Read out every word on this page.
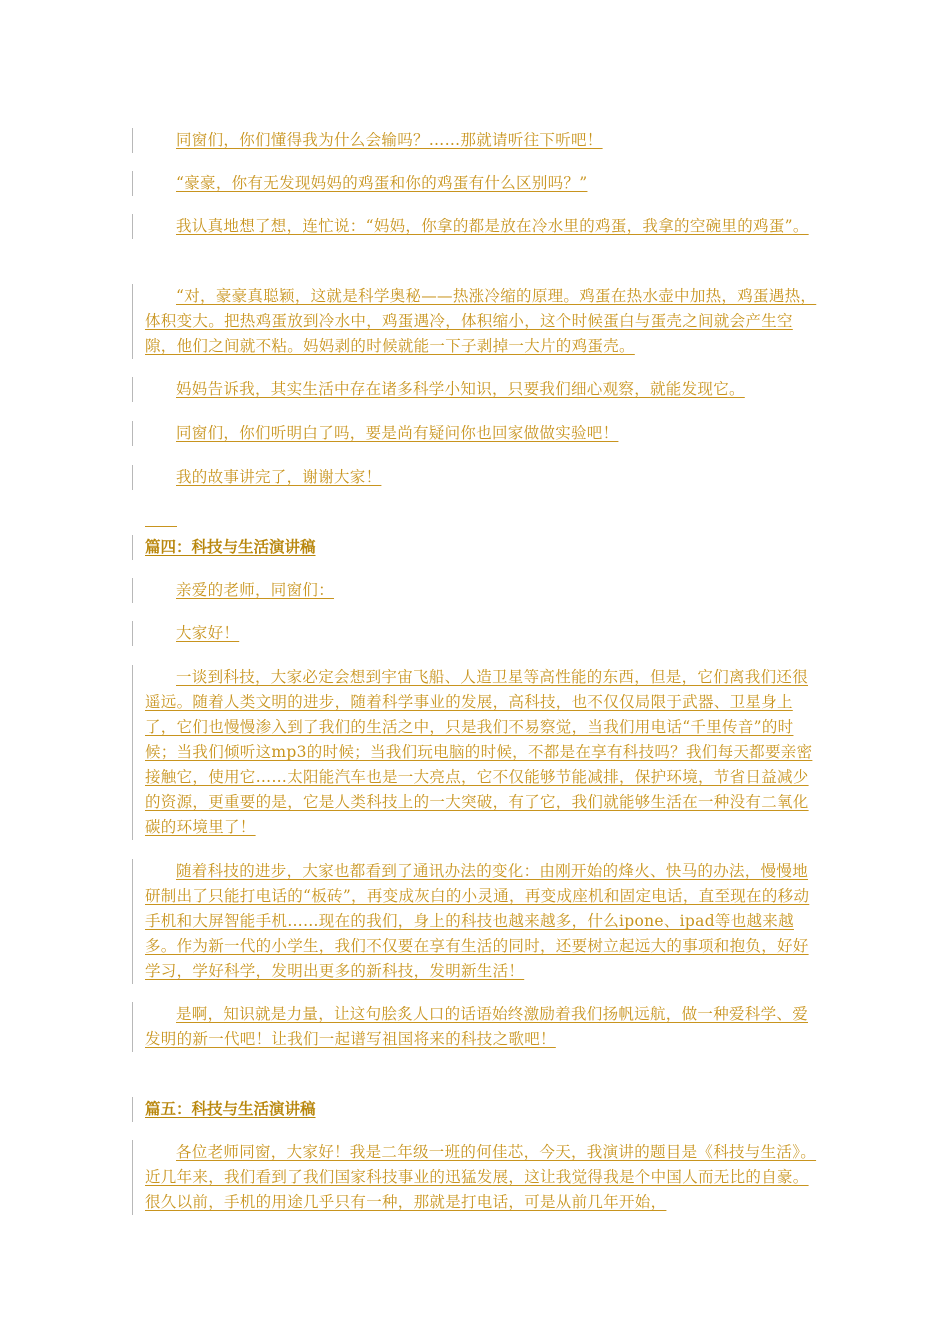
同窗们，你们懂得我为什么会输吗？……那就请听往下听吧！

“豪豪，你有无发现妈妈的鸡蛋和你的鸡蛋有什么区别吗？”

我认真地想了想，连忙说：“妈妈，你拿的都是放在冷水里的鸡蛋，我拿的空碗里的鸡蛋”。

“对，豪豪真聪颖，这就是科学奥秘——热涨冷缩的原理。鸡蛋在热水壶中加热，鸡蛋遇热，体积变大。把热鸡蛋放到冷水中，鸡蛋遇冷，体积缩小，这个时候蛋白与蛋壳之间就会产生空隙，他们之间就不粘。妈妈剥的时候就能一下子剥掉一大片的鸡蛋壳。

妈妈告诉我，其实生活中存在诸多科学小知识，只要我们细心观察，就能发现它。

同窗们，你们听明白了吗，要是尚有疑问你也回家做做实验吧！

我的故事讲完了，谢谢大家！

篇四：科技与生活演讲稿

亲爱的老师，同窗们：

大家好！

一谈到科技，大家必定会想到宇宙飞船、人造卫星等高性能的东西，但是，它们离我们还很遥远。随着人类文明的进步，随着科学事业的发展，高科技，也不仅仅局限于武器、卫星身上了，它们也慢慢渗入到了我们的生活之中，只是我们不易察觉，当我们用电话“千里传音”的时候；当我们倾听这mp3的时候；当我们玩电脑的时候，不都是在享有科技吗？我们每天都要亲密接触它，使用它……太阳能汽车也是一大亮点，它不仅能够节能减排，保护环境，节省日益减少的资源，更重要的是，它是人类科技上的一大突破，有了它，我们就能够生活在一种没有二氧化碳的环境里了！

随着科技的进步，大家也都看到了通讯办法的变化：由刚开始的烽火、快马的办法，慢慢地研制出了只能打电话的“板砖”，再变成灰白的小灵通，再变成座机和固定电话，直至现在的移动手机和大屏智能手机……现在的我们，身上的科技也越来越多，什么ipone、ipad等也越来越多。作为新一代的小学生，我们不仅要在享有生活的同时，还要树立起远大的事项和抱负，好好学习，学好科学，发明出更多的新科技，发明新生活！

是啊，知识就是力量，让这句脍炙人口的话语始终激励着我们扬帆远航，做一种爱科学、爱发明的新一代吧！让我们一起谱写祖国将来的科技之歌吧！

篇五：科技与生活演讲稿

各位老师同窗，大家好！我是二年级一班的何佳芯，今天，我演讲的题目是《科技与生活》。近几年来，我们看到了我们国家科技事业的迅猛发展，这让我觉得我是个中国人而无比的自豪。很久以前，手机的用途几乎只有一种，那就是打电话，可是从前几年开始，
